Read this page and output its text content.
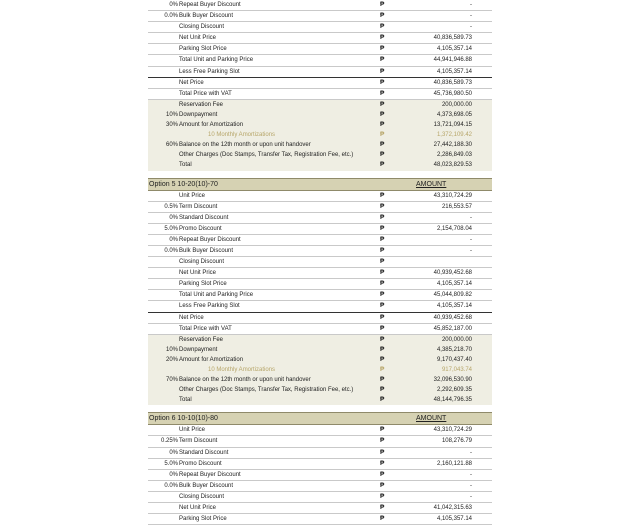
0% Repeat Buyer Discount	₱	-
0.0% Bulk Buyer Discount	₱	-
Closing Discount	₱	-
Net Unit Price	₱	40,836,589.73
Parking Slot Price	₱	4,105,357.14
Total Unit and Parking Price	₱	44,941,946.88
Less Free Parking Slot	₱	4,105,357.14
Net Price	₱	40,836,589.73
Total Price with VAT	₱	45,736,980.50
Reservation Fee	₱	200,000.00
10% Downpayment	₱	4,373,698.05
30% Amount for Amortization	₱	13,721,094.15
10 Monthly Amortizations	₱	1,372,109.42
60% Balance on the 12th month or upon unit handover	₱	27,442,188.30
Other Charges (Doc Stamps, Transfer Tax, Registration Fee, etc.)	₱	2,286,849.03
Total	₱	48,023,829.53
Option 5 10-20(10)-70	AMOUNT
Unit Price	₱	43,310,724.29
0.5% Term Discount	₱	216,553.57
0% Standard Discount	₱	-
5.0% Promo Discount	₱	2,154,708.04
0% Repeat Buyer Discount	₱	-
0.0% Bulk Buyer Discount	₱	-
Closing Discount	₱
Net Unit Price	₱	40,939,452.68
Parking Slot Price	₱	4,105,357.14
Total Unit and Parking Price	₱	45,044,809.82
Less Free Parking Slot	₱	4,105,357.14
Net Price	₱	40,939,452.68
Total Price with VAT	₱	45,852,187.00
Reservation Fee	₱	200,000.00
10% Downpayment	₱	4,385,218.70
20% Amount for Amortization	₱	9,170,437.40
10 Monthly Amortizations	₱	917,043.74
70% Balance on the 12th month or upon unit handover	₱	32,096,530.90
Other Charges (Doc Stamps, Transfer Tax, Registration Fee, etc.)	₱	2,292,609.35
Total	₱	48,144,796.35
Option 6 10-10(10)-80	AMOUNT
Unit Price	₱	43,310,724.29
0.25% Term Discount	₱	108,276.79
0% Standard Discount	₱	-
5.0% Promo Discount	₱	2,160,121.88
0% Repeat Buyer Discount	₱	-
0.0% Bulk Buyer Discount	₱	-
Closing Discount	₱	-
Net Unit Price	₱	41,042,315.63
Parking Slot Price	₱	4,105,357.14
